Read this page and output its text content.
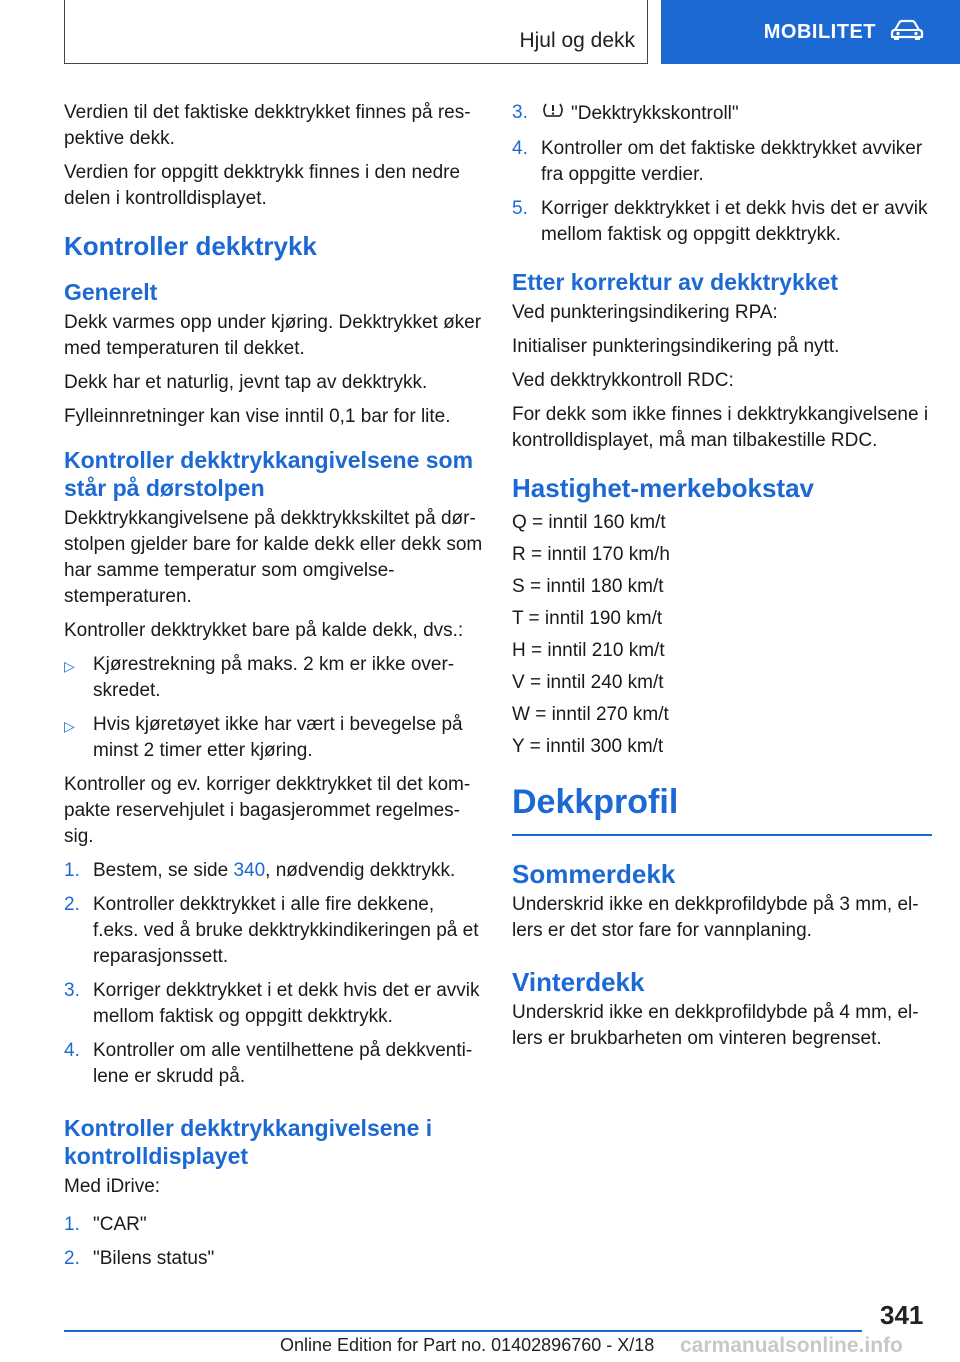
Hjul og dekk	MOBILITET

Verdien til det faktiske dekktrykket finnes på res-pektive dekk.

Verdien for oppgitt dekktrykk finnes i den nedre delen i kontrolldisplayet.

Kontroller dekktrykk
Generelt

Dekk varmes opp under kjøring. Dekktrykket øker med temperaturen til dekket.

Dekk har et naturlig, jevnt tap av dekktrykk.

Fylleinnretninger kan vise inntil 0,1 bar for lite.

Kontroller dekktrykkangivelsene som står på dørstolpen

Dekktrykkangivelsene på dekktrykkskiltet på dør-stolpen gjelder bare for kalde dekk eller dekk som har samme temperatur som omgivelse-stemperaturen.

Kontroller dekktrykket bare på kalde dekk, dvs.:

▷ Kjørestrekning på maks. 2 km er ikke over-skredet.
▷ Hvis kjøretøyet ikke har vært i bevegelse på minst 2 timer etter kjøring.

Kontroller og ev. korriger dekktrykket til det kom-pakte reservehjulet i bagasjerommet regelmes-sig.

1. Bestem, se side 340, nødvendig dekktrykk.
2. Kontroller dekktrykket i alle fire dekkene, f.eks. ved å bruke dekktrykkindikeringen på et reparasjonssett.
3. Korriger dekktrykket i et dekk hvis det er avvik mellom faktisk og oppgitt dekktrykk.
4. Kontroller om alle ventilhettene på dekkventi-lene er skrudd på.
Kontroller dekktrykkangivelsene i kontrolldisplayet

Med iDrive:

1. "CAR"
2. "Bilens status"
3.	"Dekktrykkskontroll"
4. Kontroller om det faktiske dekktrykket avviker fra oppgitte verdier.
5. Korriger dekktrykket i et dekk hvis det er avvik mellom faktisk og oppgitt dekktrykk.
Etter korrektur av dekktrykket

Ved punkteringsindikering RPA:

Initialiser punkteringsindikering på nytt.

Ved dekktrykkontroll RDC:

For dekk som ikke finnes i dekktrykkangivelsene i kontrolldisplayet, må man tilbakestille RDC.

Hastighet-merkebokstav

Q = inntil 160 km/t

R = inntil 170 km/h

S = inntil 180 km/t

T = inntil 190 km/t

H = inntil 210 km/t

V = inntil 240 km/t

W = inntil 270 km/t

Y = inntil 300 km/t

Dekkprofil
Sommerdekk

Underskrid ikke en dekkprofildybde på 3 mm, el-lers er det stor fare for vannplaning.

Vinterdekk

Underskrid ikke en dekkprofildybde på 4 mm, el-lers er brukbarheten om vinteren begrenset.

341
Online Edition for Part no. 01402896760 - X/18 carmanualsonline.info
